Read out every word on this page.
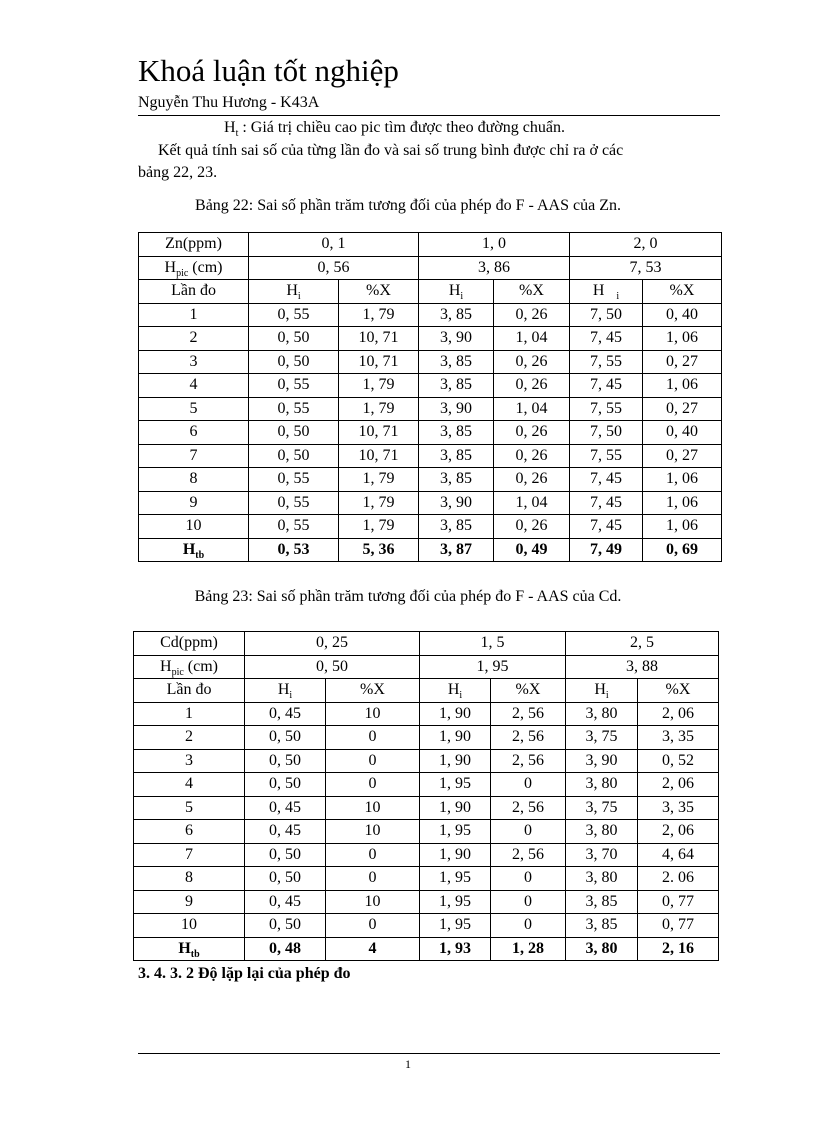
Khoá luận tốt nghiệp
Nguyễn Thu Hương - K43A
$H_t$ : Giá trị chiều cao pic tìm được theo đường chuẩn.
Kết quả tính sai số của từng lần đo và sai số trung bình được chỉ ra ở các
bảng 22, 23.
Bảng 22: Sai số phần trăm tương đối của phép đo F - AAS của Zn.
Zn(ppm)	0, 1		1, 0		2, 0	
$H_{pic}$ (cm)	0, 56		3, 86		7, 53	
Lần đo	$H_i$	%X	$H_i$	%X	H $_i$	%X
1	0, 55	1, 79	3, 85	0, 26	7, 50	0, 40
2	0, 50	10, 71	3, 90	1, 04	7, 45	1, 06
3	0, 50	10, 71	3, 85	0, 26	7, 55	0, 27
4	0, 55	1, 79	3, 85	0, 26	7, 45	1, 06
5	0, 55	1, 79	3, 90	1, 04	7, 55	0, 27
6	0, 50	10, 71	3, 85	0, 26	7, 50	0, 40
7	0, 50	10, 71	3, 85	0, 26	7, 55	0, 27
8	0, 55	1, 79	3, 85	0, 26	7, 45	1, 06
9	0, 55	1, 79	3, 90	1, 04	7, 45	1, 06
10	0, 55	1, 79	3, 85	0, 26	7, 45	1, 06
$H_{tb}$	0, 53	5, 36	3, 87	0, 49	7, 49	0, 69
Bảng 23: Sai số phần trăm tương đối của phép đo F - AAS của Cd.
Cd(ppm)	0, 25		1, 5		2, 5	
$H_{pic}$ (cm)	0, 50		1, 95		3, 88	
Lần đo	$H_i$	%X	$H_i$	%X	$H_i$	%X
1	0, 45	10	1, 90	2, 56	3, 80	2, 06
2	0, 50	0	1, 90	2, 56	3, 75	3, 35
3	0, 50	0	1, 90	2, 56	3, 90	0, 52
4	0, 50	0	1, 95	0	3, 80	2, 06
5	0, 45	10	1, 90	2, 56	3, 75	3, 35
6	0, 45	10	1, 95	0	3, 80	2, 06
7	0, 50	0	1, 90	2, 56	3, 70	4, 64
8	0, 50	0	1, 95	0	3, 80	2. 06
9	0, 45	10	1, 95	0	3, 85	0, 77
10	0, 50	0	1, 95	0	3, 85	0, 77
$H_{tb}$	0, 48	4	1, 93	1, 28	3, 80	2, 16
3. 4. 3. 2 Độ lặp lại của phép đo
1
